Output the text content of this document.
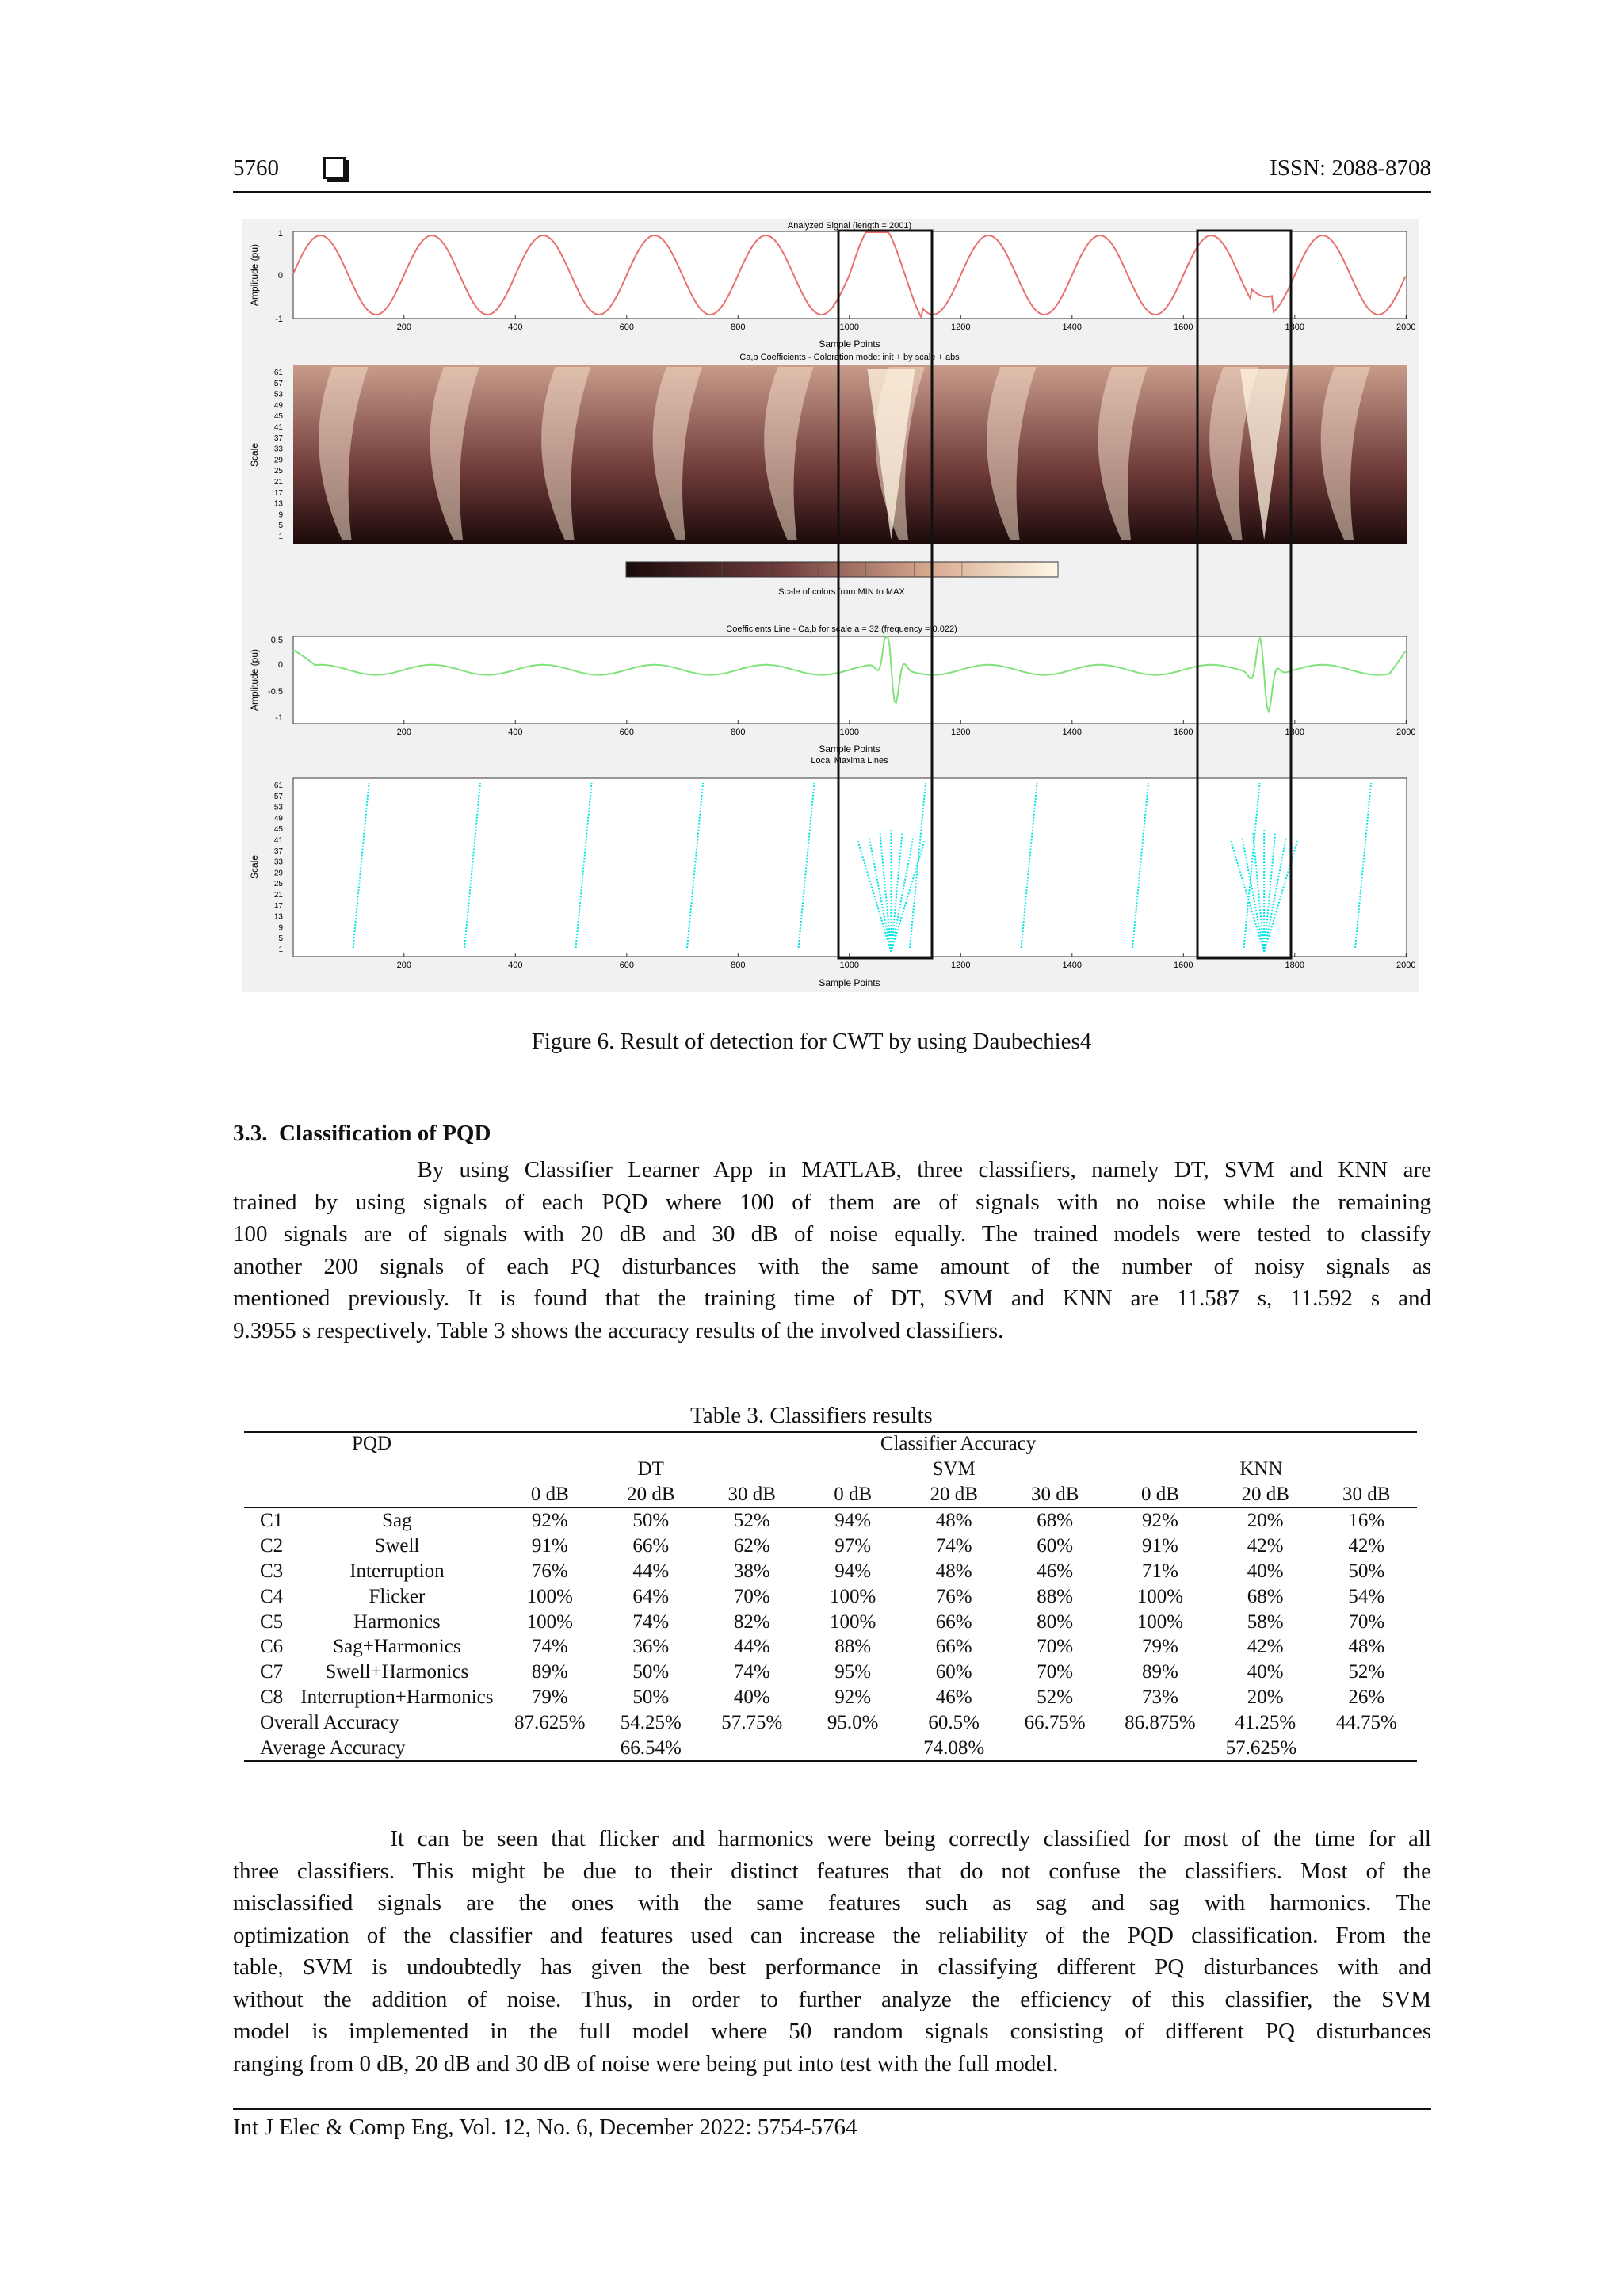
5760	ISSN: 2088-8708
Analyzed Signal (length = 2001)
Amplitude (pu)
1
0
-1
200	400	600	800	1000	1200	1400	1600	1800	2000
Sample Points
Ca,b Coefficients - Coloration mode: init + by scale + abs
Scale
61
57
53
49
45
41
37
33
29
25
21
17
13
9
5
1
Scale of colors from MIN to MAX
Coefficients Line - Ca,b for scale a = 32 (frequency = 0.022)
Amplitude (pu)
0.5
0
-0.5
-1
200	400	600	800	1000	1200	1400	1600	1800	2000
Sample Points
Local Maxima Lines
Scale
61
57
53
49
45
41
37
33
29
25
21
17
13
9
5
1
200	400	600	800	1000	1200	1400	1600	1800	2000
Sample Points
Figure 6. Result of detection for CWT by using Daubechies4
3.3.  Classification of PQD
By using Classifier Learner App in MATLAB, three classifiers, namely DT, SVM and KNN are
trained by using signals of each PQD where 100 of them are of signals with no noise while the remaining
100 signals are of signals with 20 dB and 30 dB of noise equally. The trained models were tested to classify
another 200 signals of each PQ disturbances with the same amount of the number of noisy signals as
mentioned previously. It is found that the training time of DT, SVM and KNN are 11.587 s, 11.592 s and
9.3955 s respectively. Table 3 shows the accuracy results of the involved classifiers.
Table 3. Classifiers results
PQD		Classifier Accuracy								
		DT			SVM			KNN		
		0 dB	20 dB	30 dB	0 dB	20 dB	30 dB	0 dB	20 dB	30 dB
C1	Sag	92%	50%	52%	94%	48%	68%	92%	20%	16%
C2	Swell	91%	66%	62%	97%	74%	60%	91%	42%	42%
C3	Interruption	76%	44%	38%	94%	48%	46%	71%	40%	50%
C4	Flicker	100%	64%	70%	100%	76%	88%	100%	68%	54%
C5	Harmonics	100%	74%	82%	100%	66%	80%	100%	58%	70%
C6	Sag+Harmonics	74%	36%	44%	88%	66%	70%	79%	42%	48%
C7	Swell+Harmonics	89%	50%	74%	95%	60%	70%	89%	40%	52%
C8	Interruption+Harmonics	79%	50%	40%	92%	46%	52%	73%	20%	26%
Overall Accuracy		87.625%	54.25%	57.75%	95.0%	60.5%	66.75%	86.875%	41.25%	44.75%
Average Accuracy		66.54%			74.08%			57.625%		
It can be seen that flicker and harmonics were being correctly classified for most of the time for all
three classifiers. This might be due to their distinct features that do not confuse the classifiers. Most of the
misclassified signals are the ones with the same features such as sag and sag with harmonics. The
optimization of the classifier and features used can increase the reliability of the PQD classification. From the
table, SVM is undoubtedly has given the best performance in classifying different PQ disturbances with and
without the addition of noise. Thus, in order to further analyze the efficiency of this classifier, the SVM
model is implemented in the full model where 50 random signals consisting of different PQ disturbances
ranging from 0 dB, 20 dB and 30 dB of noise were being put into test with the full model.
Int J Elec & Comp Eng, Vol. 12, No. 6, December 2022: 5754-5764
